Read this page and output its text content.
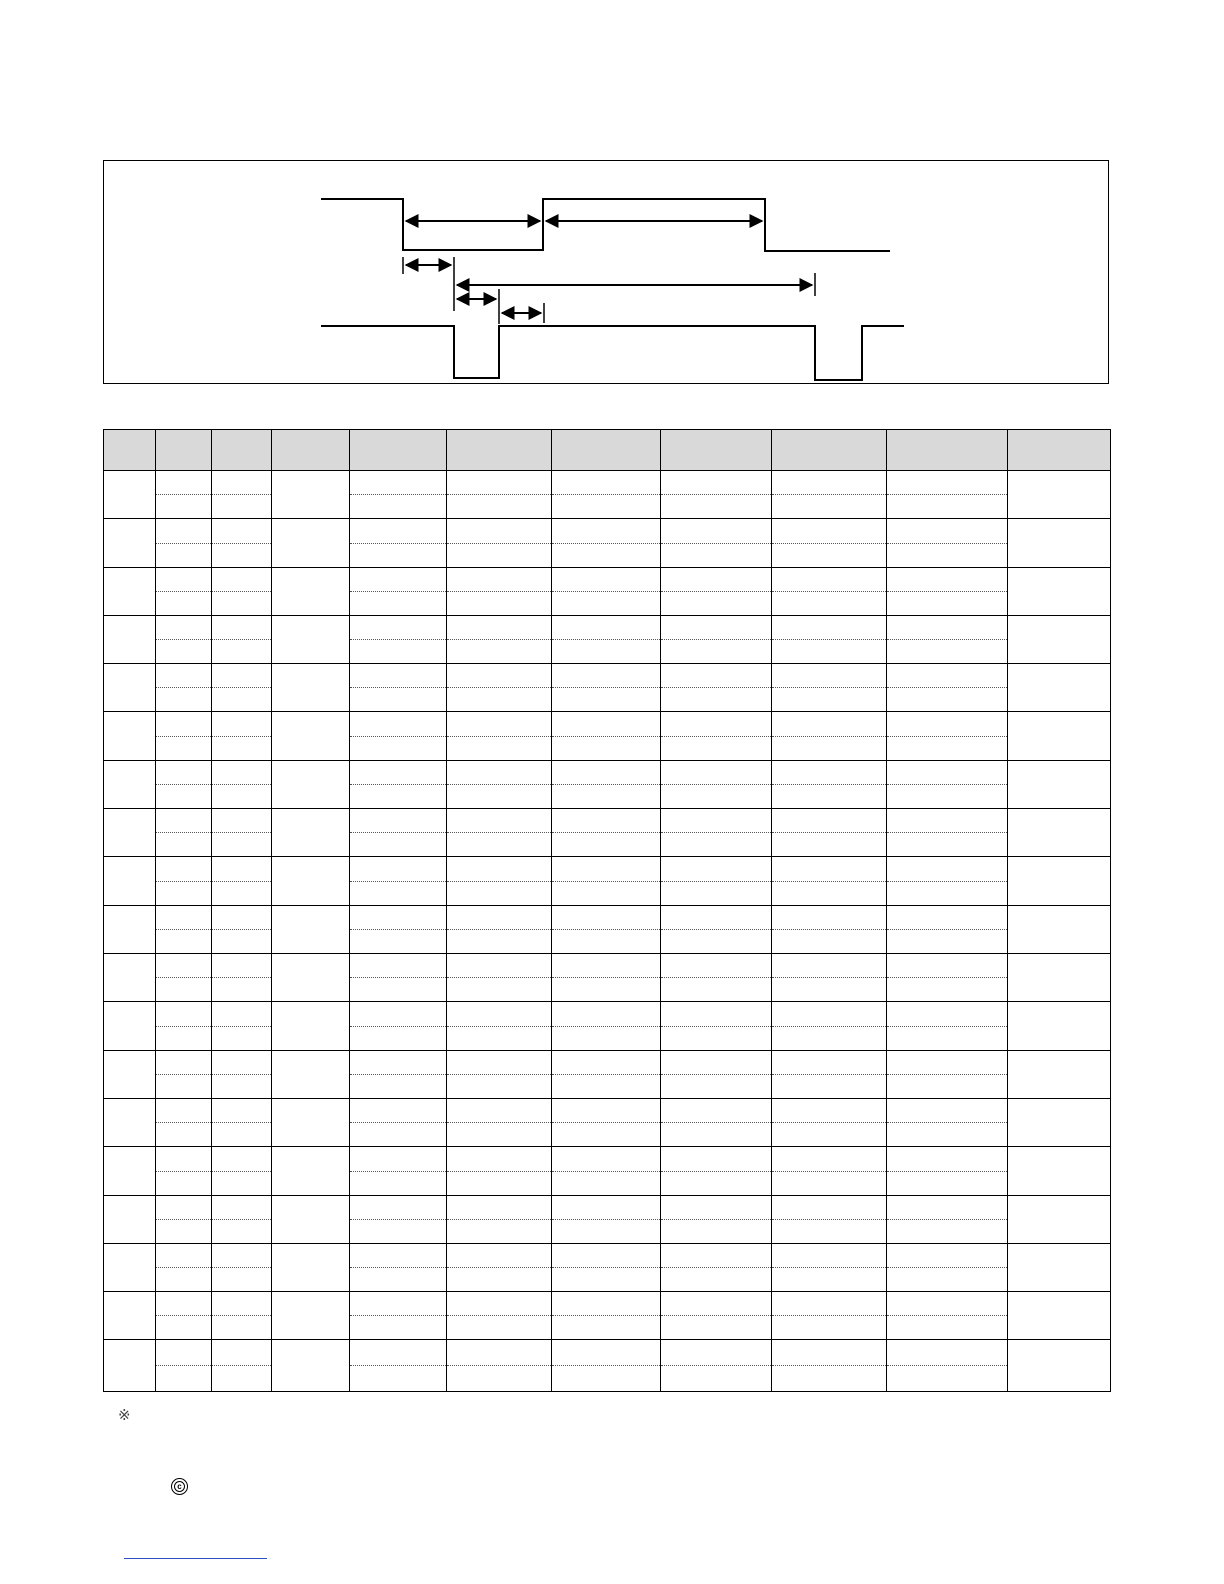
※
c
